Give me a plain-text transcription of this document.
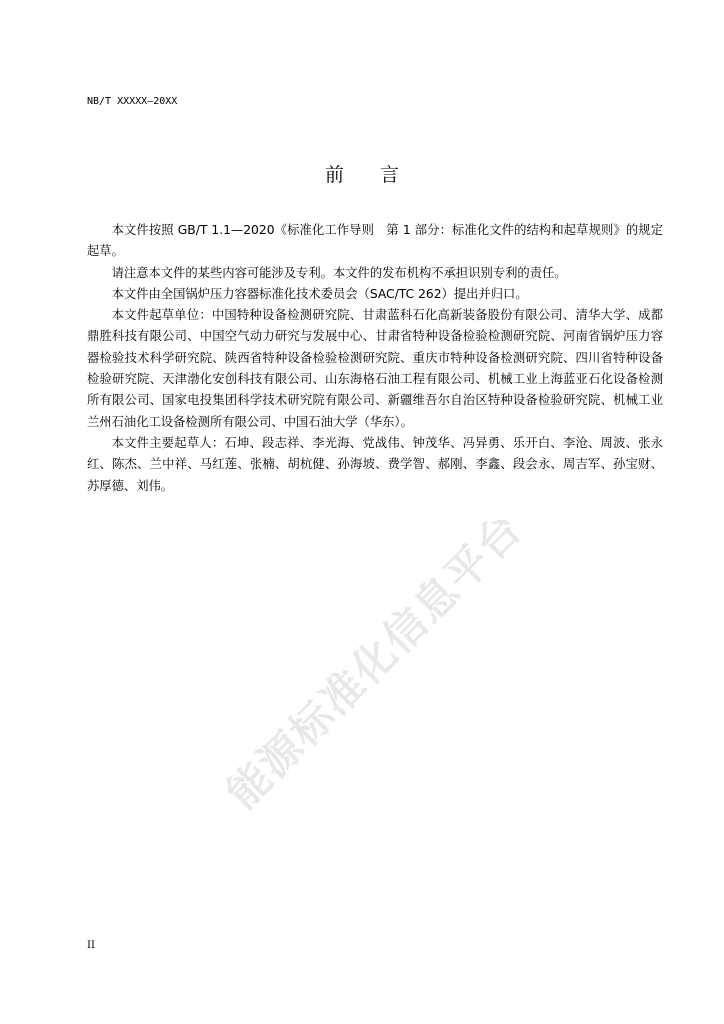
NB/T XXXXX—20XX
前 言

本文件按照 GB/T 1.1—2020《标准化工作导则　第 1 部分：标准化文件的结构和起草规则》的规定起草。

请注意本文件的某些内容可能涉及专利。本文件的发布机构不承担识别专利的责任。

本文件由全国锅炉压力容器标准化技术委员会（SAC/TC 262）提出并归口。

本文件起草单位：中国特种设备检测研究院、甘肃蓝科石化高新装备股份有限公司、清华大学、成都鼎胜科技有限公司、中国空气动力研究与发展中心、甘肃省特种设备检验检测研究院、河南省锅炉压力容器检验技术科学研究院、陕西省特种设备检验检测研究院、重庆市特种设备检测研究院、四川省特种设备检验研究院、天津渤化安创科技有限公司、山东海格石油工程有限公司、机械工业上海蓝亚石化设备检测所有限公司、国家电投集团科学技术研究院有限公司、新疆维吾尔自治区特种设备检验研究院、机械工业兰州石油化工设备检测所有限公司、中国石油大学（华东）。

本文件主要起草人：石坤、段志祥、李光海、党战伟、钟茂华、冯异勇、乐开白、李沧、周波、张永红、陈杰、兰中祥、马红莲、张楠、胡杭健、孙海坡、费学智、郝刚、李鑫、段会永、周吉军、孙宝财、苏厚德、刘伟。

能源标准化信息平台
II
